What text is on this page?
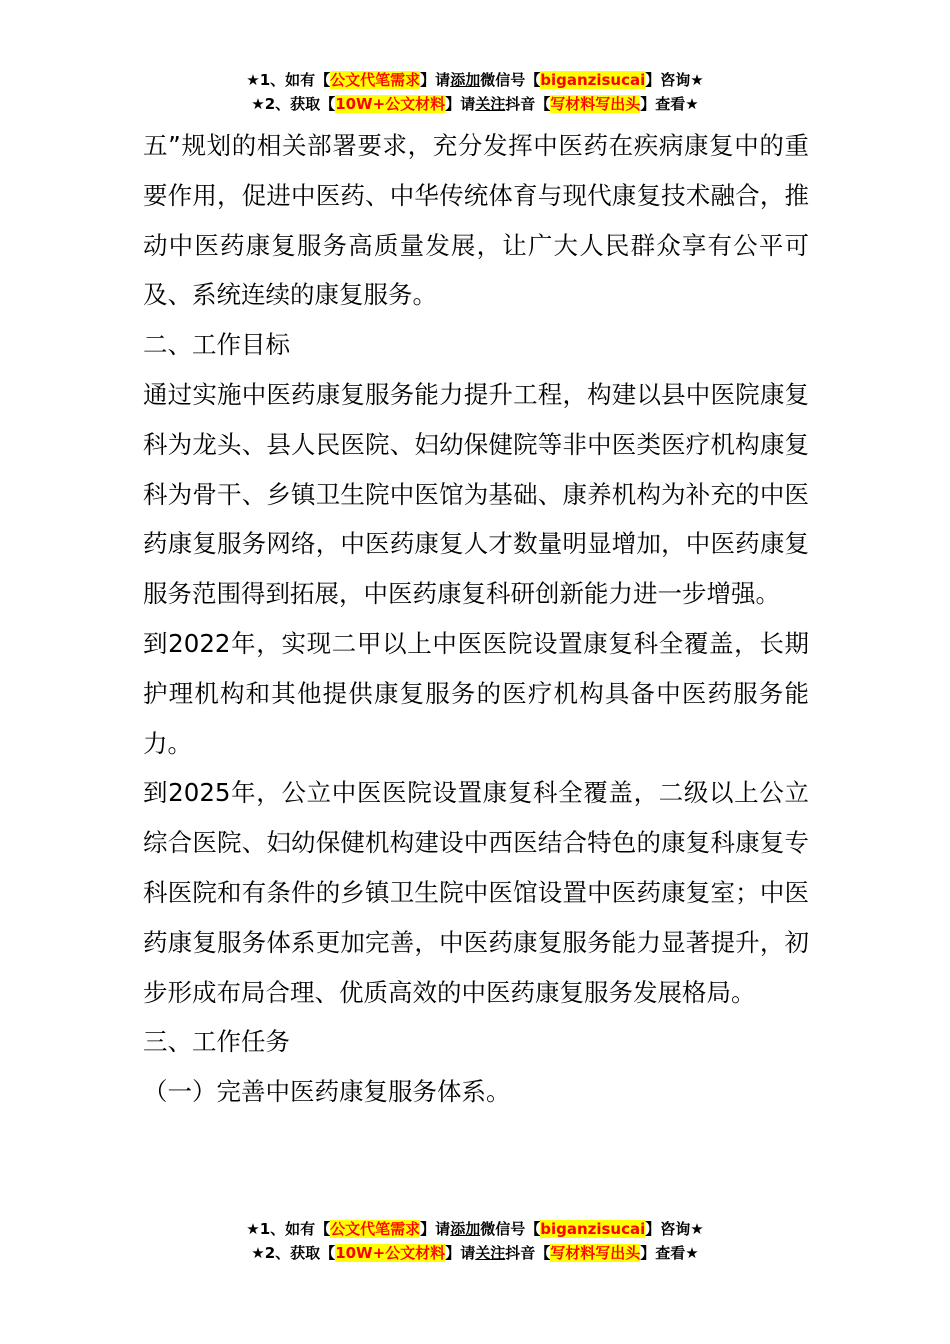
★1、如有【公文代笔需求】请添加微信号【biganzisucai】咨询★
★2、获取【10W+公文材料】请关注抖音【写材料写出头】查看★

五”规划的相关部署要求，充分发挥中医药在疾病康复中的重要作用，促进中医药、中华传统体育与现代康复技术融合，推动中医药康复服务高质量发展，让广大人民群众享有公平可及、系统连续的康复服务。

二、工作目标

通过实施中医药康复服务能力提升工程，构建以县中医院康复科为龙头、县人民医院、妇幼保健院等非中医类医疗机构康复科为骨干、乡镇卫生院中医馆为基础、康养机构为补充的中医药康复服务网络，中医药康复人才数量明显增加，中医药康复服务范围得到拓展，中医药康复科研创新能力进一步增强。

到2022年，实现二甲以上中医医院设置康复科全覆盖，长期护理机构和其他提供康复服务的医疗机构具备中医药服务能力。

到2025年，公立中医医院设置康复科全覆盖，二级以上公立综合医院、妇幼保健机构建设中西医结合特色的康复科康复专科医院和有条件的乡镇卫生院中医馆设置中医药康复室；中医药康复服务体系更加完善，中医药康复服务能力显著提升，初步形成布局合理、优质高效的中医药康复服务发展格局。

三、工作任务

（一）完善中医药康复服务体系。

★1、如有【公文代笔需求】请添加微信号【biganzisucai】咨询★
★2、获取【10W+公文材料】请关注抖音【写材料写出头】查看★
